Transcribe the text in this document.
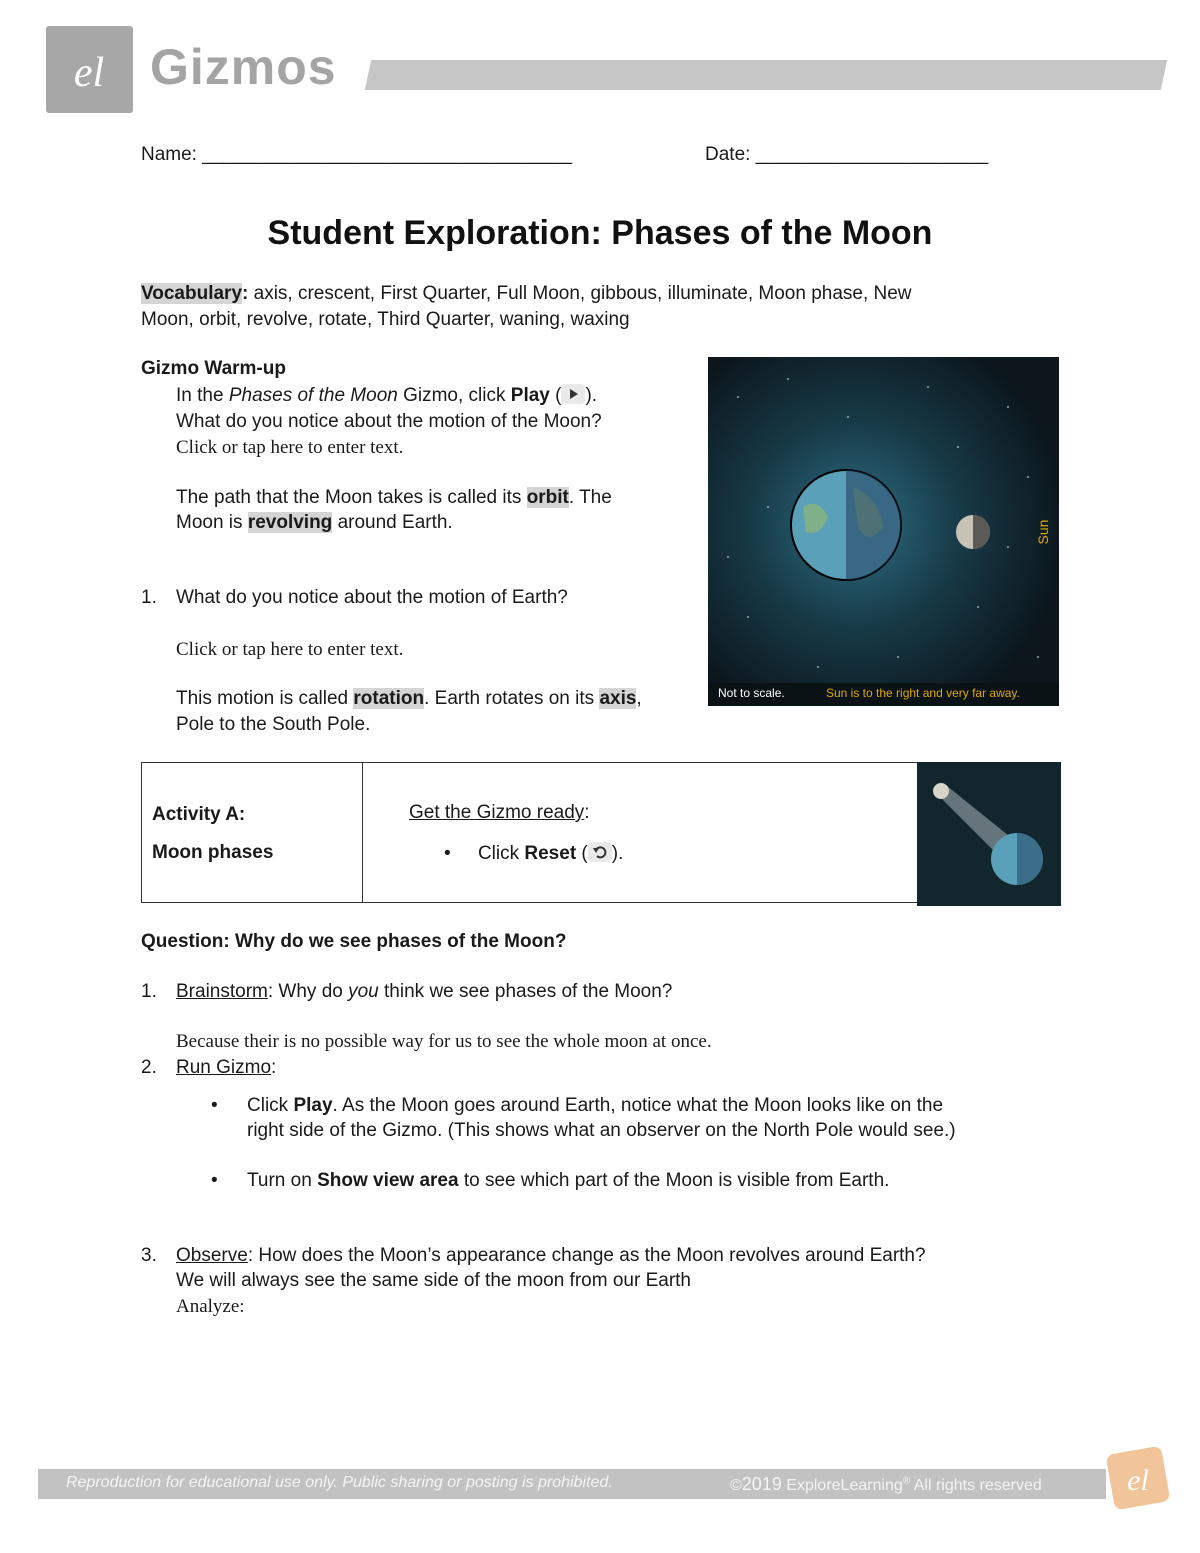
el Gizmos
Name: ___________________________________	Date: ______________________
Student Exploration: Phases of the Moon
Vocabulary: axis, crescent, First Quarter, Full Moon, gibbous, illuminate, Moon phase, New
Moon, orbit, revolve, rotate, Third Quarter, waning, waxing
Gizmo Warm-up
In the Phases of the Moon Gizmo, click Play ( ).
What do you notice about the motion of the Moon?
Click or tap here to enter text.
The path that the Moon takes is called its orbit. The
Moon is revolving around Earth.
1. What do you notice about the motion of Earth?
Click or tap here to enter text.
This motion is called rotation. Earth rotates on its axis,
Pole to the South Pole.
Sun
Not to scale.	Sun is to the right and very far away.
Activity A:
Moon phases
Get the Gizmo ready:
• Click Reset ( ).
Question: Why do we see phases of the Moon?
1. Brainstorm: Why do you think we see phases of the Moon?
Because their is no possible way for us to see the whole moon at once.
2. Run Gizmo:
• Click Play. As the Moon goes around Earth, notice what the Moon looks like on the
right side of the Gizmo. (This shows what an observer on the North Pole would see.)
• Turn on Show view area to see which part of the Moon is visible from Earth.
3. Observe: How does the Moon’s appearance change as the Moon revolves around Earth?
We will always see the same side of the moon from our Earth
Analyze:
Reproduction for educational use only. Public sharing or posting is prohibited.	©2019 ExploreLearning® All rights reserved	el
